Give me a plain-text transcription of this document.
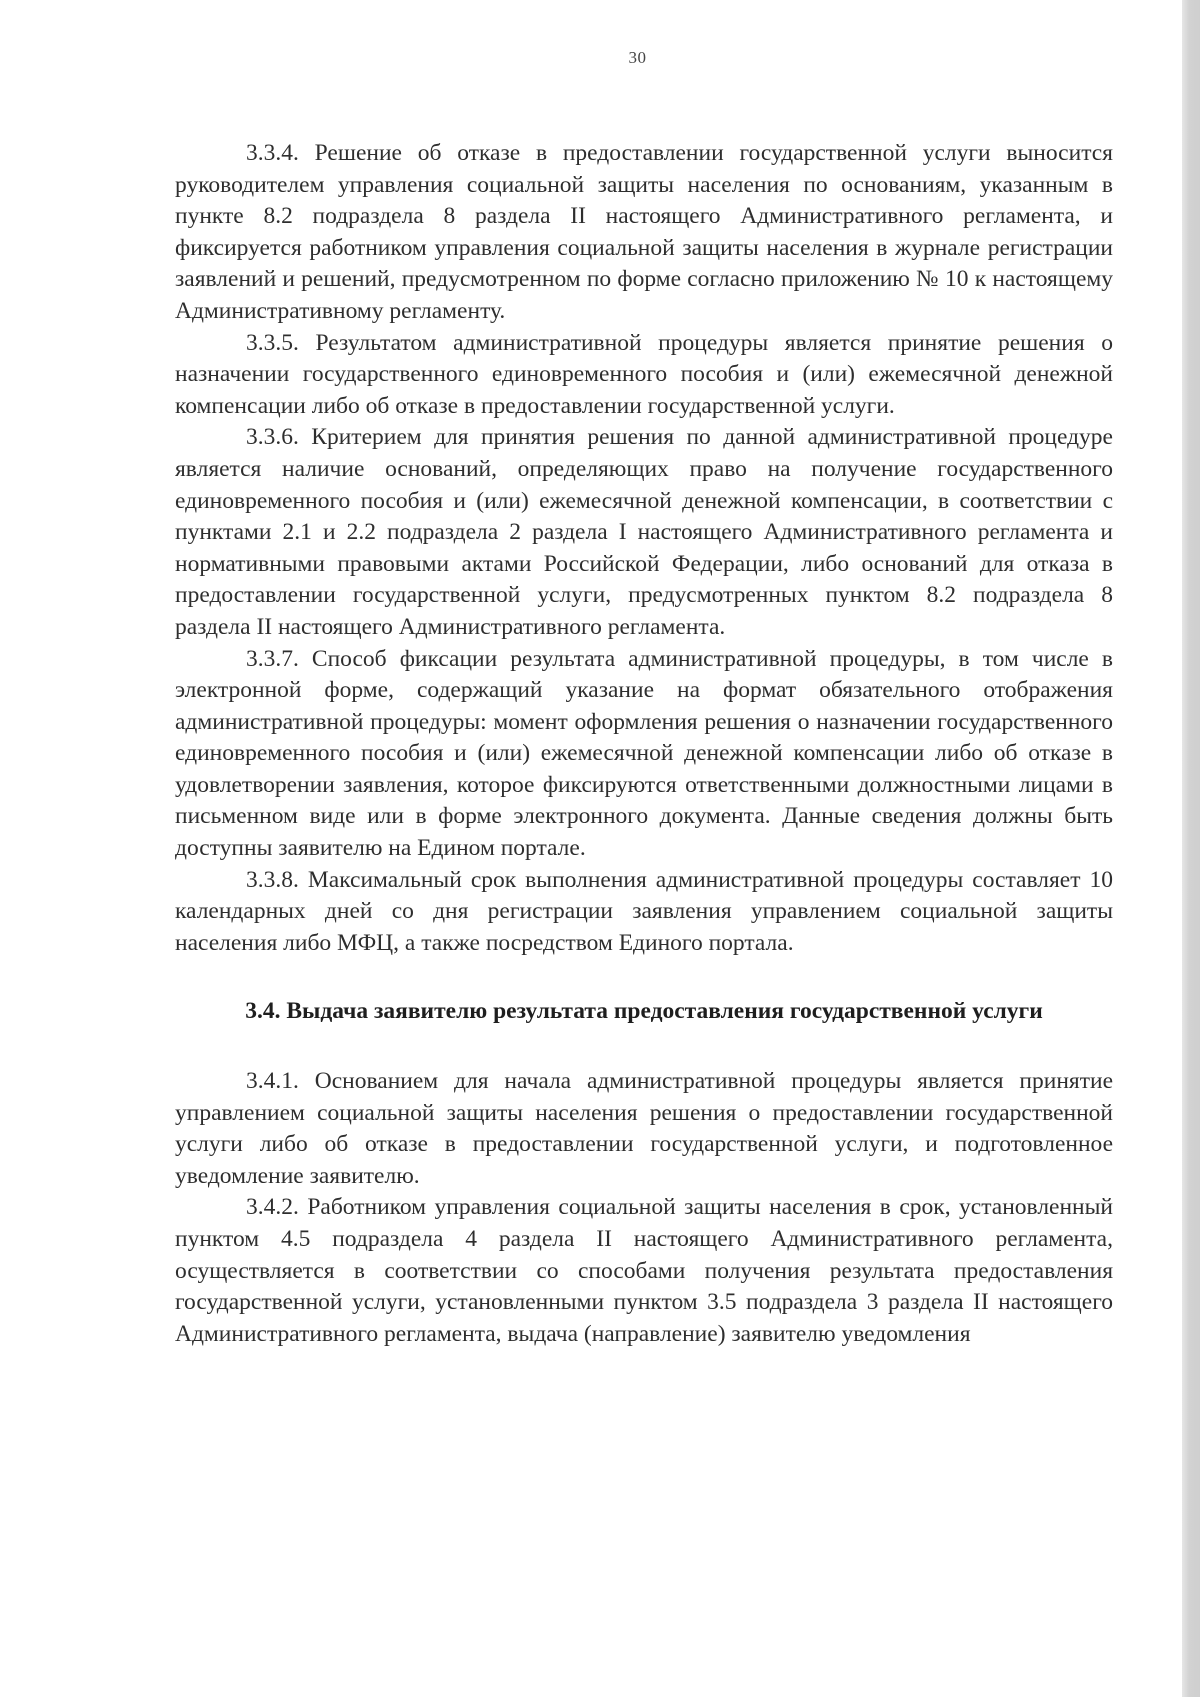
30

3.3.4. Решение об отказе в предоставлении государственной услуги выносится руководителем управления социальной защиты населения по основаниям, указанным в пункте 8.2 подраздела 8 раздела II настоящего Административного регламента, и фиксируется работником управления социальной защиты населения в журнале регистрации заявлений и решений, предусмотренном по форме согласно приложению № 10 к настоящему Административному регламенту.

3.3.5. Результатом административной процедуры является принятие решения о назначении государственного единовременного пособия и (или) ежемесячной денежной компенсации либо об отказе в предоставлении государственной услуги.

3.3.6. Критерием для принятия решения по данной административной процедуре является наличие оснований, определяющих право на получение государственного единовременного пособия и (или) ежемесячной денежной компенсации, в соответствии с пунктами 2.1 и 2.2 подраздела 2 раздела I настоящего Административного регламента и нормативными правовыми актами Российской Федерации, либо оснований для отказа в предоставлении государственной услуги, предусмотренных пунктом 8.2 подраздела 8 раздела II настоящего Административного регламента.

3.3.7. Способ фиксации результата административной процедуры, в том числе в электронной форме, содержащий указание на формат обязательного отображения административной процедуры: момент оформления решения о назначении государственного единовременного пособия и (или) ежемесячной денежной компенсации либо об отказе в удовлетворении заявления, которое фиксируются ответственными должностными лицами в письменном виде или в форме электронного документа. Данные сведения должны быть доступны заявителю на Едином портале.

3.3.8. Максимальный срок выполнения административной процедуры составляет 10 календарных дней со дня регистрации заявления управлением социальной защиты населения либо МФЦ, а также посредством Единого портала.

3.4. Выдача заявителю результата предоставления государственной услуги

3.4.1. Основанием для начала административной процедуры является принятие управлением социальной защиты населения решения о предоставлении государственной услуги либо об отказе в предоставлении государственной услуги, и подготовленное уведомление заявителю.

3.4.2. Работником управления социальной защиты населения в срок, установленный пунктом 4.5 подраздела 4 раздела II настоящего Административного регламента, осуществляется в соответствии со способами получения результата предоставления государственной услуги, установленными пунктом 3.5 подраздела 3 раздела II настоящего Административного регламента, выдача (направление) заявителю уведомления
